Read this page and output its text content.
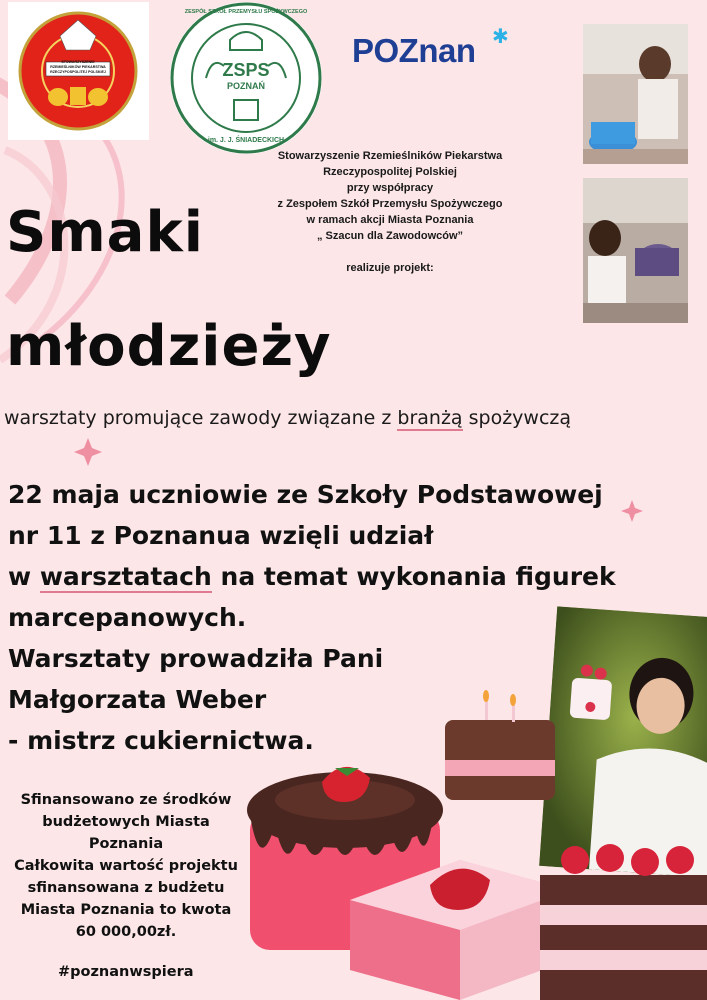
STOWARZYSZENIE RZEMIEŚLNIKÓW PIEKARSTWA RZECZYPOSPOLITEJ POLSKIEJ	ZSPS
POZNAŃ
ZESPÓŁ SZKÓŁ PRZEMYSŁU SPOŻYWCZEGO
im. J. J. ŚNIADECKICH
POZnan ✱
Stowarzyszenie Rzemieślników Piekarstwa
Rzeczypospolitej Polskiej
przy współpracy
z Zespołem Szkół Przemysłu Spożywczego
w ramach akcji Miasta Poznania
„ Szacun dla Zawodowców”
realizuje projekt:
Smaki
młodzieży
warsztaty promujące zawody związane z branżą spożywczą
22 maja uczniowie ze Szkoły Podstawowej
nr 11 z Poznanua wzięli udział
w warsztatach na temat wykonania figurek
marcepanowych.
Warsztaty prowadziła Pani
Małgorzata Weber
- mistrz cukiernictwa.
Sfinansowano ze środków
budżetowych Miasta
Poznania
Całkowita wartość projektu
sfinansowana z budżetu
Miasta Poznania to kwota
60 000,00zł.
#poznanwspiera
